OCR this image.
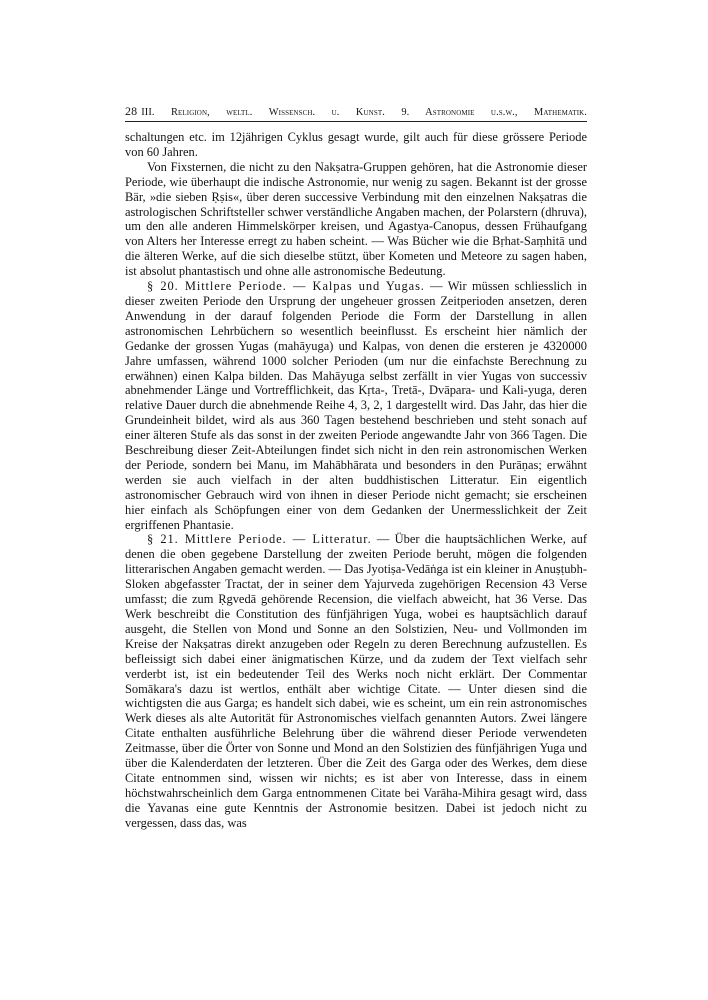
28 III. Religion, weltl. Wissensch. u. Kunst. 9. Astronomie u.s.w., Mathematik.

schaltungen etc. im 12jährigen Cyklus gesagt wurde, gilt auch für diese grössere Periode von 60 Jahren.

Von Fixsternen, die nicht zu den Nakṣatra-Gruppen gehören, hat die Astronomie dieser Periode, wie überhaupt die indische Astronomie, nur wenig zu sagen. Bekannt ist der grosse Bär, »die sieben Ṛṣis«, über deren successive Verbindung mit den einzelnen Nakṣatras die astrologischen Schriftsteller schwer verständliche Angaben machen, der Polarstern (dhruva), um den alle anderen Himmelskörper kreisen, und Agastya-Canopus, dessen Frühaufgang von Alters her Interesse erregt zu haben scheint. — Was Bücher wie die Bṛhat-Saṃhitā und die älteren Werke, auf die sich dieselbe stützt, über Kometen und Meteore zu sagen haben, ist absolut phantastisch und ohne alle astronomische Bedeutung.

§ 20. Mittlere Periode. — Kalpas und Yugas. — Wir müssen schliesslich in dieser zweiten Periode den Ursprung der ungeheuer grossen Zeitperioden ansetzen, deren Anwendung in der darauf folgenden Periode die Form der Darstellung in allen astronomischen Lehrbüchern so wesentlich beeinflusst. Es erscheint hier nämlich der Gedanke der grossen Yugas (mahāyuga) und Kalpas, von denen die ersteren je 4320000 Jahre umfassen, während 1000 solcher Perioden (um nur die einfachste Berechnung zu erwähnen) einen Kalpa bilden. Das Mahāyuga selbst zerfällt in vier Yugas von successiv abnehmender Länge und Vortrefflichkeit, das Kṛta-, Tretā-, Dvāpara- und Kali-yuga, deren relative Dauer durch die abnehmende Reihe 4, 3, 2, 1 dargestellt wird. Das Jahr, das hier die Grundeinheit bildet, wird als aus 360 Tagen bestehend beschrieben und steht sonach auf einer älteren Stufe als das sonst in der zweiten Periode angewandte Jahr von 366 Tagen. Die Beschreibung dieser Zeit-Abteilungen findet sich nicht in den rein astronomischen Werken der Periode, sondern bei Manu, im Mahābhārata und besonders in den Purāṇas; erwähnt werden sie auch vielfach in der alten buddhistischen Litteratur. Ein eigentlich astronomischer Gebrauch wird von ihnen in dieser Periode nicht gemacht; sie erscheinen hier einfach als Schöpfungen einer von dem Gedanken der Unermesslichkeit der Zeit ergriffenen Phantasie.

§ 21. Mittlere Periode. — Litteratur. — Über die hauptsächlichen Werke, auf denen die oben gegebene Darstellung der zweiten Periode beruht, mögen die folgenden litterarischen Angaben gemacht werden. — Das Jyotiṣa-Vedāṅga ist ein kleiner in Anuṣṭubh-Sloken abgefasster Tractat, der in seiner dem Yajurveda zugehörigen Recension 43 Verse umfasst; die zum Ṛgvedā gehörende Recension, die vielfach abweicht, hat 36 Verse. Das Werk beschreibt die Constitution des fünfjährigen Yuga, wobei es hauptsächlich darauf ausgeht, die Stellen von Mond und Sonne an den Solstizien, Neu- und Vollmonden im Kreise der Nakṣatras direkt anzugeben oder Regeln zu deren Berechnung aufzustellen. Es befleissigt sich dabei einer änigmatischen Kürze, und da zudem der Text vielfach sehr verderbt ist, ist ein bedeutender Teil des Werks noch nicht erklärt. Der Commentar Somākara's dazu ist wertlos, enthält aber wichtige Citate. — Unter diesen sind die wichtigsten die aus Garga; es handelt sich dabei, wie es scheint, um ein rein astronomisches Werk dieses als alte Autorität für Astronomisches vielfach genannten Autors. Zwei längere Citate enthalten ausführliche Belehrung über die während dieser Periode verwendeten Zeitmasse, über die Örter von Sonne und Mond an den Solstizien des fünfjährigen Yuga und über die Kalenderdaten der letzteren. Über die Zeit des Garga oder des Werkes, dem diese Citate entnommen sind, wissen wir nichts; es ist aber von Interesse, dass in einem höchstwahrscheinlich dem Garga entnommenen Citate bei Varāha-Mihira gesagt wird, dass die Yavanas eine gute Kenntnis der Astronomie besitzen. Dabei ist jedoch nicht zu vergessen, dass das, was
